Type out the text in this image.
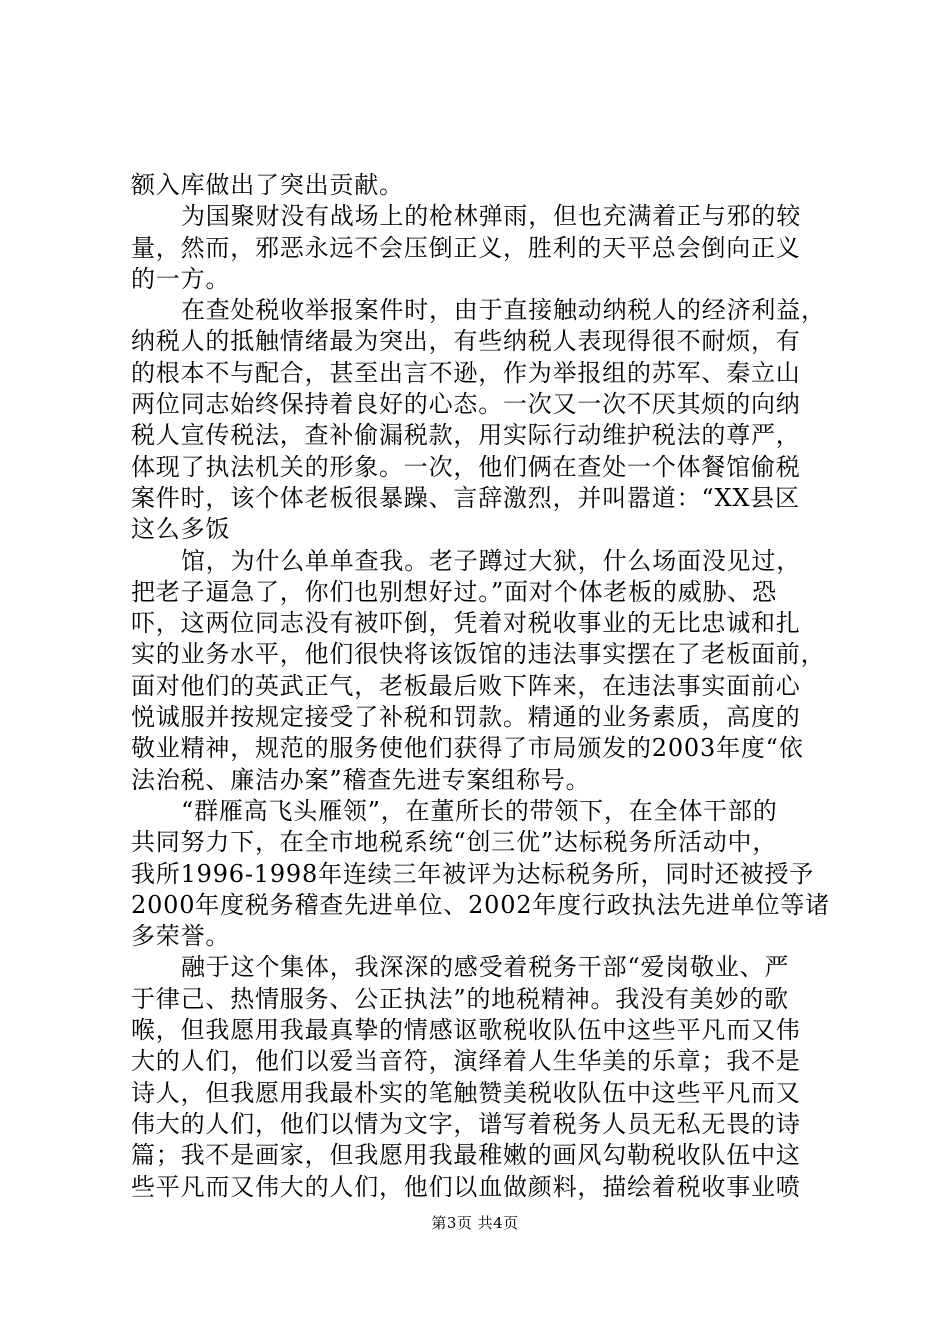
额入库做出了突出贡献。
为国聚财没有战场上的枪林弹雨，但也充满着正与邪的较
量，然而，邪恶永远不会压倒正义，胜利的天平总会倒向正义
的一方。
在查处税收举报案件时，由于直接触动纳税人的经济利益，
纳税人的抵触情绪最为突出，有些纳税人表现得很不耐烦，有
的根本不与配合，甚至出言不逊，作为举报组的苏军、秦立山
两位同志始终保持着良好的心态。一次又一次不厌其烦的向纳
税人宣传税法，查补偷漏税款，用实际行动维护税法的尊严，
体现了执法机关的形象。一次，他们俩在查处一个体餐馆偷税
案件时，该个体老板很暴躁、言辞激烈，并叫嚣道：“XX县区
这么多饭
馆，为什么单单查我。老子蹲过大狱，什么场面没见过，
把老子逼急了，你们也别想好过。”面对个体老板的威胁、恐
吓，这两位同志没有被吓倒，凭着对税收事业的无比忠诚和扎
实的业务水平，他们很快将该饭馆的违法事实摆在了老板面前，
面对他们的英武正气，老板最后败下阵来，在违法事实面前心
悦诚服并按规定接受了补税和罚款。精通的业务素质，高度的
敬业精神，规范的服务使他们获得了市局颁发的2003年度“依
法治税、廉洁办案”稽查先进专案组称号。
“群雁高飞头雁领”，在董所长的带领下，在全体干部的
共同努力下，在全市地税系统“创三优”达标税务所活动中，
我所1996-1998年连续三年被评为达标税务所，同时还被授予
2000年度税务稽查先进单位、2002年度行政执法先进单位等诸
多荣誉。
融于这个集体，我深深的感受着税务干部“爱岗敬业、严
于律己、热情服务、公正执法”的地税精神。我没有美妙的歌
喉，但我愿用我最真挚的情感讴歌税收队伍中这些平凡而又伟
大的人们，他们以爱当音符，演绎着人生华美的乐章；我不是
诗人，但我愿用我最朴实的笔触赞美税收队伍中这些平凡而又
伟大的人们，他们以情为文字，谱写着税务人员无私无畏的诗
篇；我不是画家，但我愿用我最稚嫩的画风勾勒税收队伍中这
些平凡而又伟大的人们，他们以血做颜料，描绘着税收事业喷
第3页 共4页
